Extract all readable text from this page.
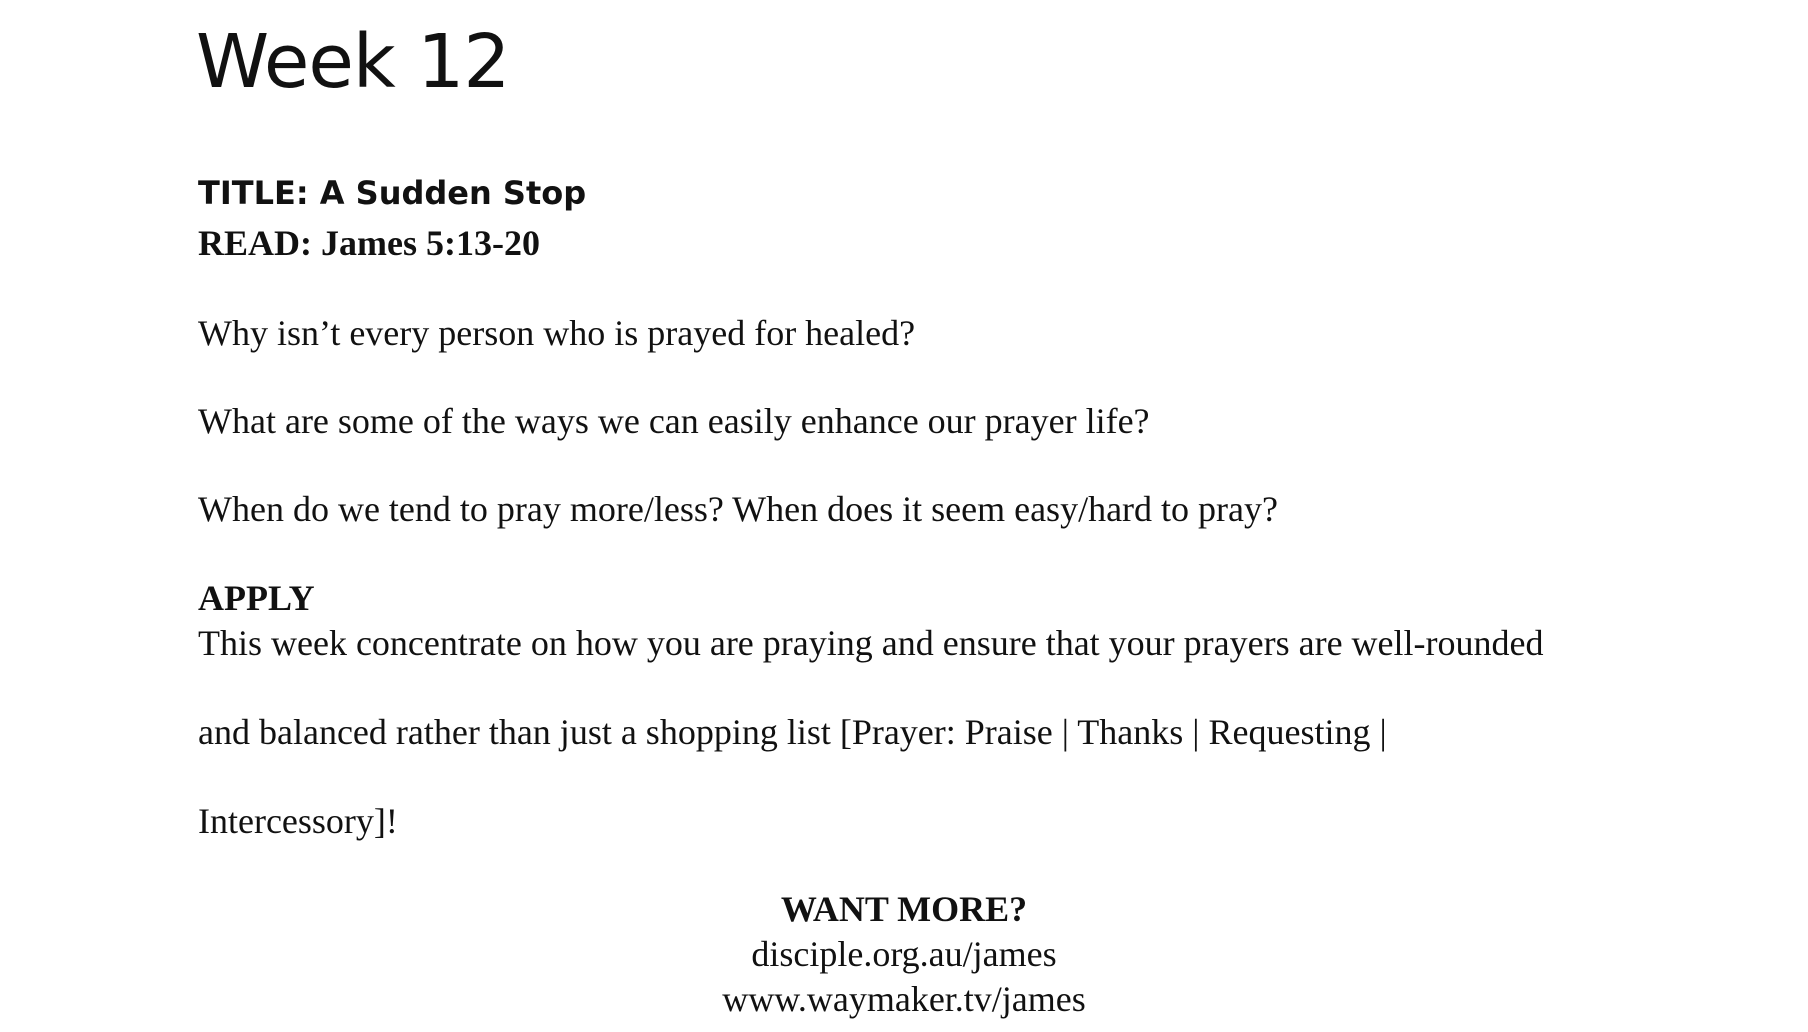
Week 12

TITLE: A Sudden Stop

READ: James 5:13-20

Why isn’t every person who is prayed for healed?

What are some of the ways we can easily enhance our prayer life?

When do we tend to pray more/less? When does it seem easy/hard to pray?

APPLY

This week concentrate on how you are praying and ensure that your prayers are well-rounded

and balanced rather than just a shopping list [Prayer: Praise | Thanks | Requesting |

Intercessory]!

WANT MORE?

disciple.org.au/james

www.waymaker.tv/james
